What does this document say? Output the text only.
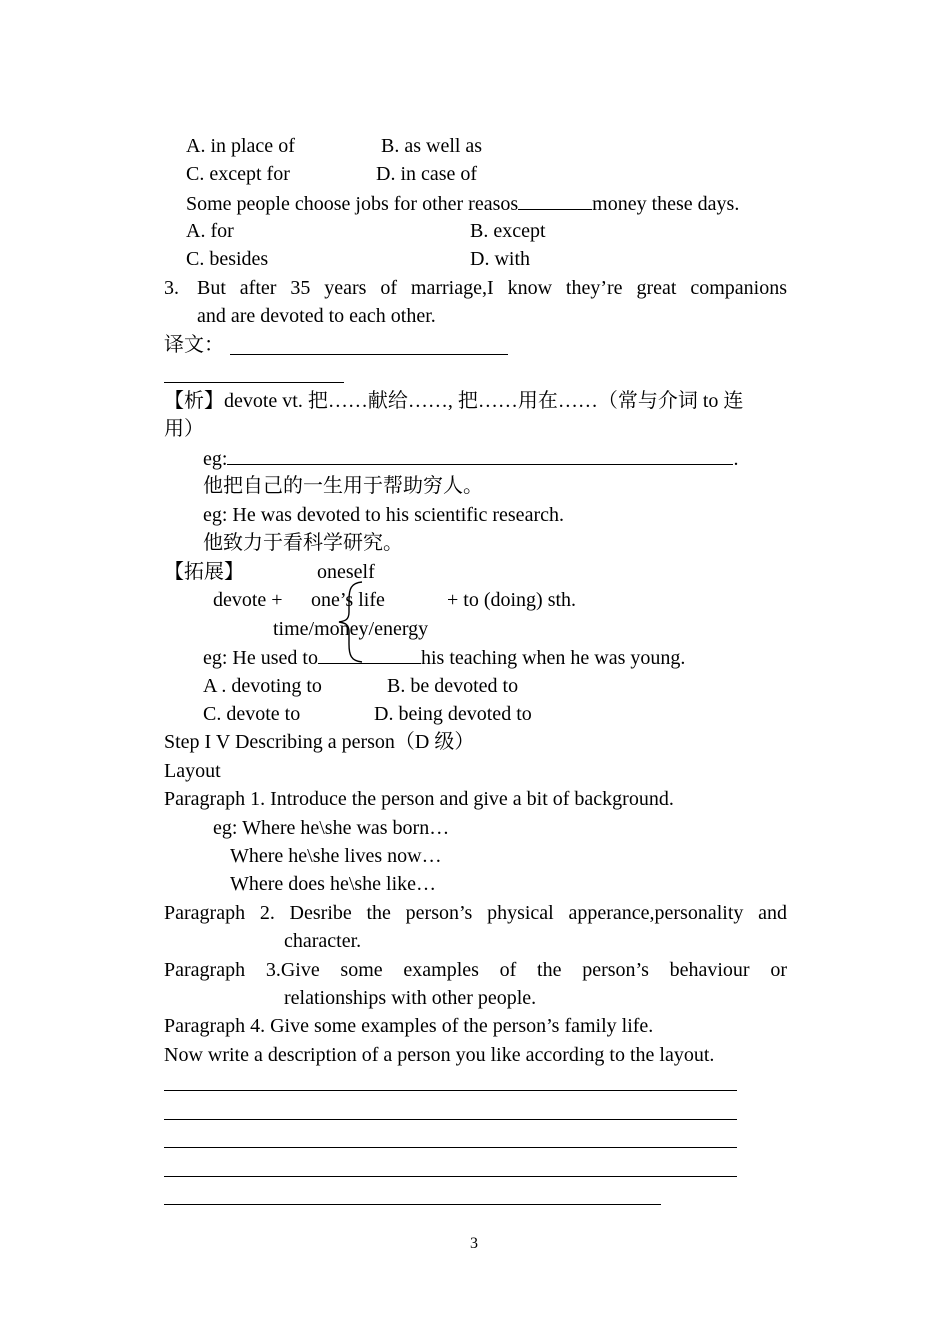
A. in place of	B. as well as
C. except for	D. in case of
Some people choose jobs for other reasos	money these days.
A. for	B. except
C. besides	D. with
3. But after 35 years of marriage,I know they’re great companions
and are devoted to each other.
译文：
【析】devote vt. 把……献给……, 把……用在……（常与介词 to 连
用）
eg:	.
他把自己的一生用于帮助穷人。
eg: He was devoted to his scientific research.
他致力于看科学研究。
【拓展】	oneself
devote + one’s life	+ to (doing) sth.
time/money/energy
eg: He used to	his teaching when he was young.
A . devoting to	B. be devoted to
C. devote to	D. being devoted to
Step I V Describing a person（D 级）
Layout
Paragraph 1. Introduce the person and give a bit of background.
eg: Where he\she was born…
Where he\she lives now…
Where does he\she like…
Paragraph 2. Desribe the person’s physical apperance,personality and
character.
Paragraph 3.Give some examples of the person’s behaviour or
relationships with other people.
Paragraph 4. Give some examples of the person’s family life.
Now write a description of a person you like according to the layout.
3
